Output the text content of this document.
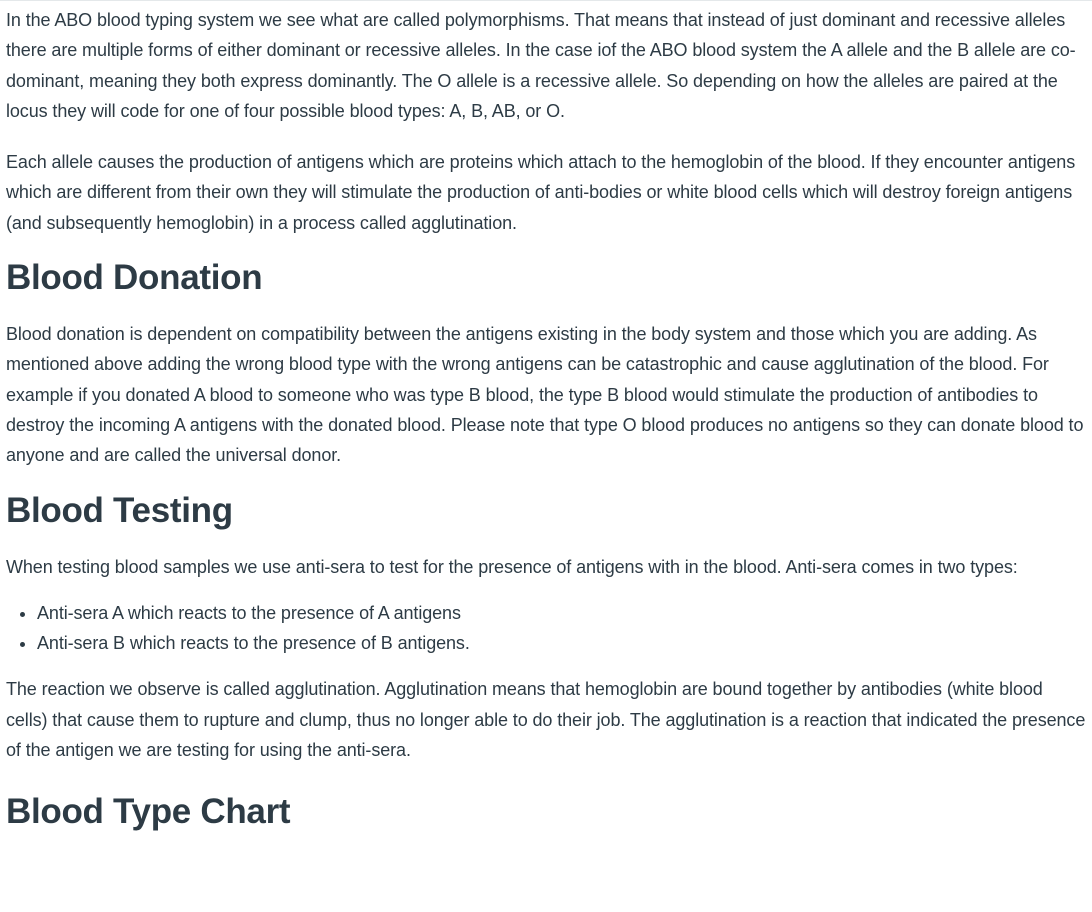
In the ABO blood typing system we see what are called polymorphisms. That means that instead of just dominant and recessive alleles there are multiple forms of either dominant or recessive alleles. In the case iof the ABO blood system the A allele and the B allele are co-dominant, meaning they both express dominantly. The O allele is a recessive allele. So depending on how the alleles are paired at the locus they will code for one of four possible blood types: A, B, AB, or O.

Each allele causes the production of antigens which are proteins which attach to the hemoglobin of the blood. If they encounter antigens which are different from their own they will stimulate the production of anti-bodies or white blood cells which will destroy foreign antigens (and subsequently hemoglobin) in a process called agglutination.

Blood Donation

Blood donation is dependent on compatibility between the antigens existing in the body system and those which you are adding. As mentioned above adding the wrong blood type with the wrong antigens can be catastrophic and cause agglutination of the blood. For example if you donated A blood to someone who was type B blood, the type B blood would stimulate the production of antibodies to destroy the incoming A antigens with the donated blood. Please note that type O blood produces no antigens so they can donate blood to anyone and are called the universal donor.

Blood Testing

When testing blood samples we use anti-sera to test for the presence of antigens with in the blood. Anti-sera comes in two types:

• Anti-sera A which reacts to the presence of A antigens
• Anti-sera B which reacts to the presence of B antigens.

The reaction we observe is called agglutination. Agglutination means that hemoglobin are bound together by antibodies (white blood cells) that cause them to rupture and clump, thus no longer able to do their job. The agglutination is a reaction that indicated the presence of the antigen we are testing for using the anti-sera.

Blood Type Chart
